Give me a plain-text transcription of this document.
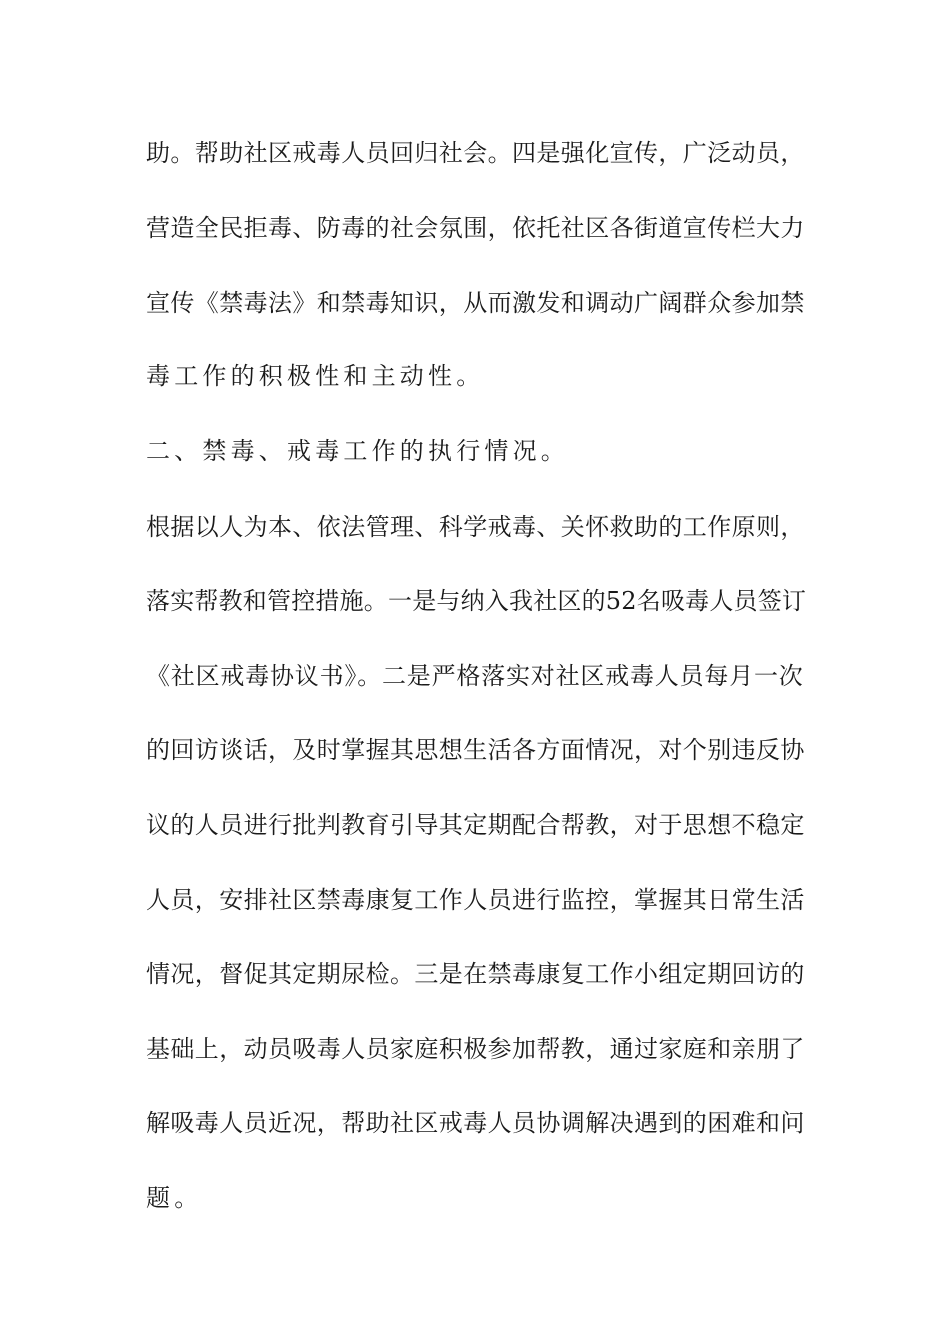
助。帮助社区戒毒人员回归社会。四是强化宣传，广泛动员，
营造全民拒毒、防毒的社会氛围，依托社区各街道宣传栏大力
宣传《禁毒法》和禁毒知识，从而激发和调动广阔群众参加禁
毒工作的积极性和主动性。
二、禁毒、戒毒工作的执行情况。
根据以人为本、依法管理、科学戒毒、关怀救助的工作原则，
落实帮教和管控措施。一是与纳入我社区的52名吸毒人员签订
《社区戒毒协议书》。二是严格落实对社区戒毒人员每月一次
的回访谈话，及时掌握其思想生活各方面情况，对个别违反协
议的人员进行批判教育引导其定期配合帮教，对于思想不稳定
人员，安排社区禁毒康复工作人员进行监控，掌握其日常生活
情况，督促其定期尿检。三是在禁毒康复工作小组定期回访的
基础上，动员吸毒人员家庭积极参加帮教，通过家庭和亲朋了
解吸毒人员近况，帮助社区戒毒人员协调解决遇到的困难和问
题。
